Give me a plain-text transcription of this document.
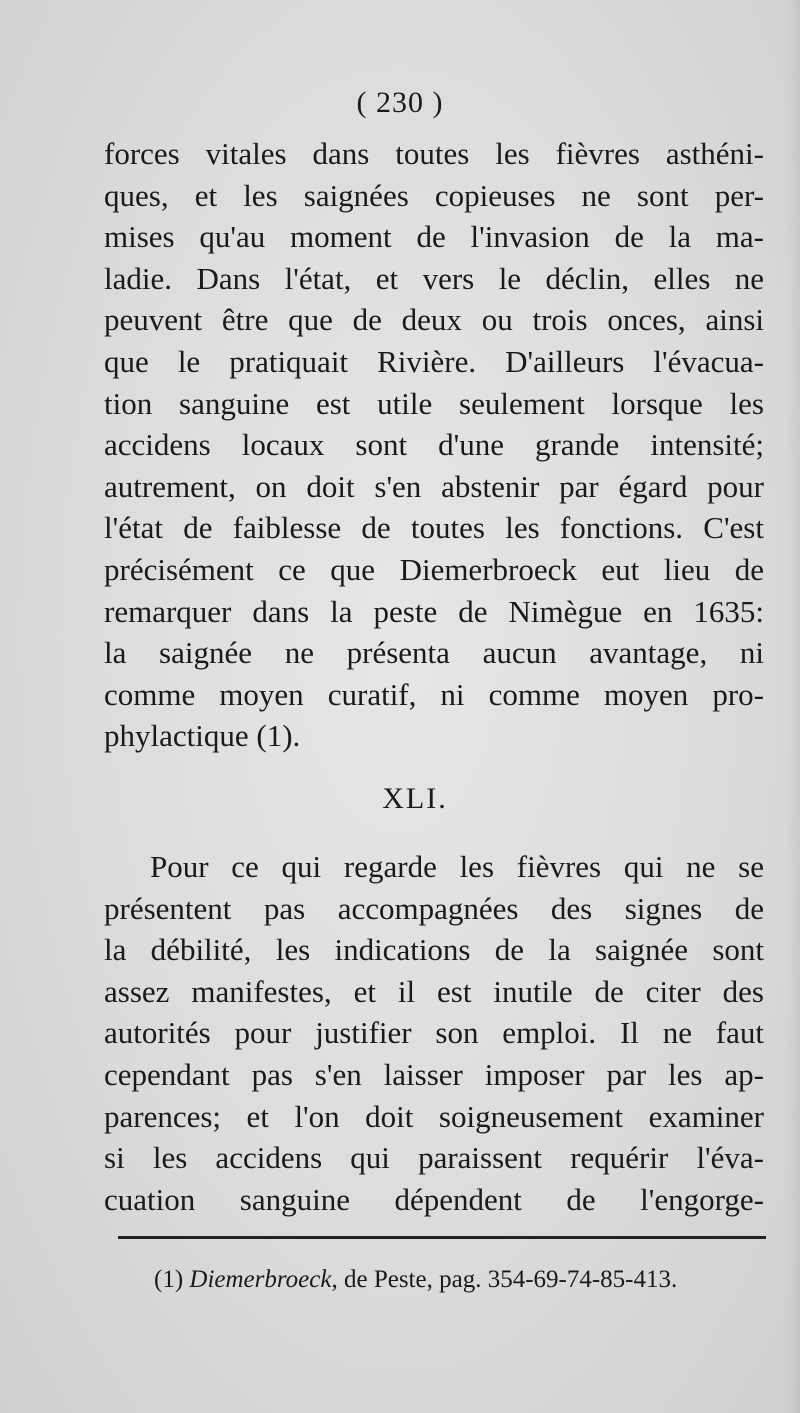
( 230 )
forces vitales dans toutes les fièvres asthéni-
ques, et les saignées copieuses ne sont per-
mises qu'au moment de l'invasion de la ma-
ladie. Dans l'état, et vers le déclin, elles ne
peuvent être que de deux ou trois onces, ainsi
que le pratiquait Rivière. D'ailleurs l'évacua-
tion sanguine est utile seulement lorsque les
accidens locaux sont d'une grande intensité;
autrement, on doit s'en abstenir par égard pour
l'état de faiblesse de toutes les fonctions. C'est
précisément ce que Diemerbroeck eut lieu de
remarquer dans la peste de Nimègue en 1635:
la saignée ne présenta aucun avantage, ni
comme moyen curatif, ni comme moyen pro-
phylactique (1).
XLI.
Pour ce qui regarde les fièvres qui ne se
présentent pas accompagnées des signes de
la débilité, les indications de la saignée sont
assez manifestes, et il est inutile de citer des
autorités pour justifier son emploi. Il ne faut
cependant pas s'en laisser imposer par les ap-
parences; et l'on doit soigneusement examiner
si les accidens qui paraissent requérir l'éva-
cuation sanguine dépendent de l'engorge-
(1) Diemerbroeck, de Peste, pag. 354-69-74-85-413.
